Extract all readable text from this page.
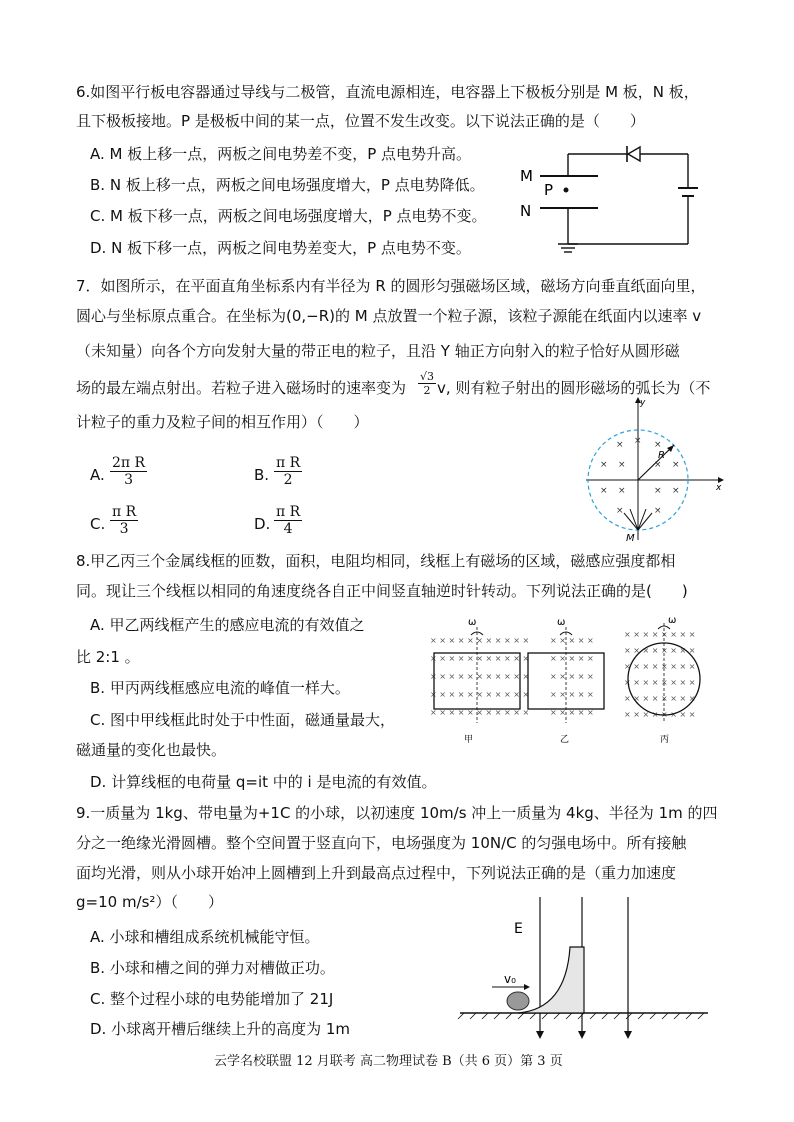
6.如图平行板电容器通过导线与二极管，直流电源相连，电容器上下极板分别是 M 板，N 板，
且下极板接地。P 是极板中间的某一点，位置不发生改变。以下说法正确的是（　　）
A. M 板上移一点，两板之间电势差不变，P 点电势升高。
B. N 板上移一点，两板之间电场强度增大，P 点电势降低。
C. M 板下移一点，两板之间电场强度增大，P 点电势不变。
D. N 板下移一点，两板之间电势差变大，P 点电势不变。
M
N
P
7．如图所示，在平面直角坐标系内有半径为 R 的圆形匀强磁场区域，磁场方向垂直纸面向里，
圆心与坐标原点重合。在坐标为(0,−R)的 M 点放置一个粒子源，该粒子源能在纸面内以速率 v
（未知量）向各个方向发射大量的带正电的粒子，且沿 Y 轴正方向射入的粒子恰好从圆形磁
场的最左端点射出。若粒子进入磁场时的速率变为 $\frac{√3}{2} v$, 则有粒子射出的圆形磁场的弧长为（不
计粒子的重力及粒子间的相互作用）（　　）
A. $\frac{\text{2π R}}{3}$	B. $\frac{\text{π R}}{2}$
C. $\frac{\text{π R}}{3}$	D. $\frac{\text{π R}}{4}$
× × ×
× ×	× ×
× ×	× ×
×	×
y
x
R
M
8.甲乙丙三个金属线框的匝数，面积，电阻均相同，线框上有磁场的区域，磁感应强度都相
同。现让三个线框以相同的角速度绕各自正中间竖直轴逆时针转动。下列说法正确的是(　　)
A. 甲乙两线框产生的感应电流的有效值之
比 2:1 。
B. 甲丙两线框感应电流的峰值一样大。
C. 图中甲线框此时处于中性面，磁通量最大，
磁通量的变化也最快。
D. 计算线框的电荷量 q=it 中的 i 是电流的有效值。
× × × × × × × × × × ×
× × × × × × × × × × ×
× × × × × × × × × × ×
× × × × × × × × × × ×
× × × × × × × × × × ×
× × × × ×
× × × × ×
× × × × ×
× × × × ×
× × × × ×
× × × × × × × ×
× × × × × × × ×
× × × × × × × ×
× × × × × × × ×
× × × × × × × ×
× × × × × × × ×
ω	ω	ω
甲	乙	丙
9.一质量为 1kg、带电量为+1C 的小球，以初速度 10m/s 冲上一质量为 4kg、半径为 1m 的四
分之一绝缘光滑圆槽。整个空间置于竖直向下，电场强度为 10N/C 的匀强电场中。所有接触
面均光滑，则从小球开始冲上圆槽到上升到最高点过程中，下列说法正确的是（重力加速度
g=10 m/s²）（　　）
A. 小球和槽组成系统机械能守恒。
B. 小球和槽之间的弹力对槽做正功。
C. 整个过程小球的电势能增加了 21J
D. 小球离开槽后继续上升的高度为 1m
E
v₀
云学名校联盟 12 月联考 高二物理试卷 B（共 6 页）第 3 页
